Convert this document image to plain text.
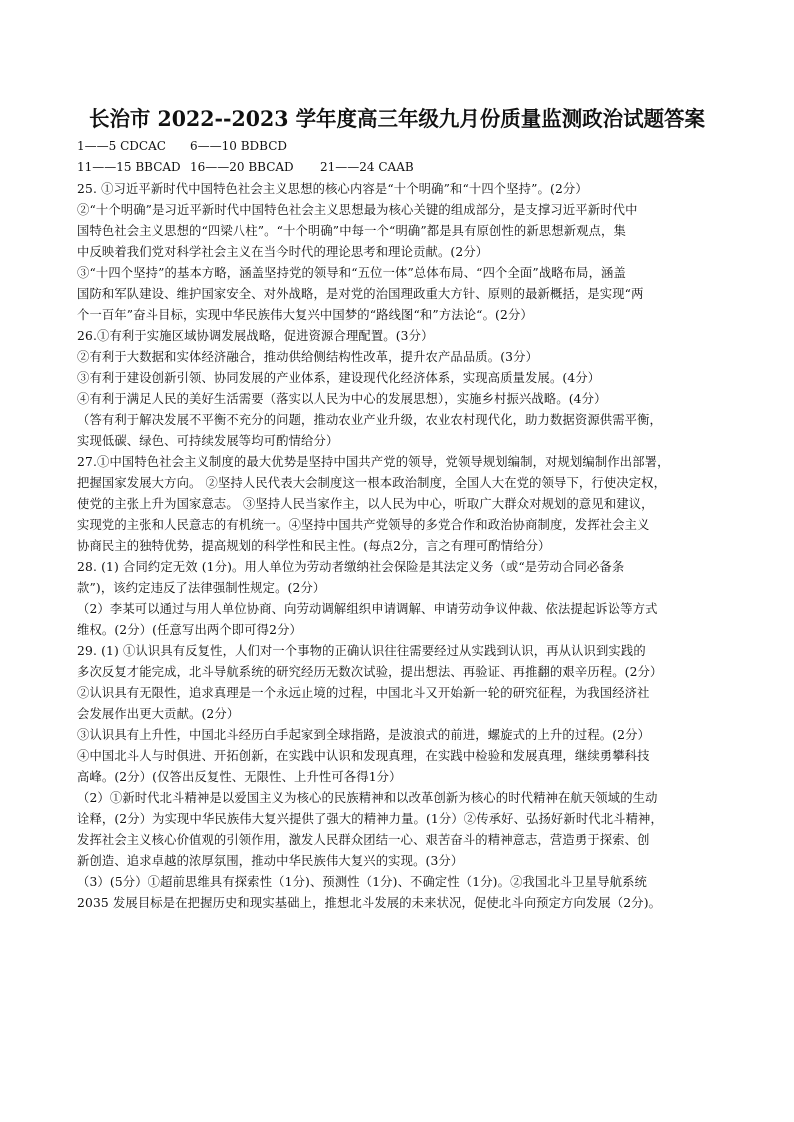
长治市 2022--2023 学年度高三年级九月份质量监测政治试题答案
1——5 CDCAC 6——10 BDBCD
11——15 BBCAD 16——20 BBCAD 21——24 CAAB
25. ①习近平新时代中国特色社会主义思想的核心内容是“十个明确”和“十四个坚持”。(2分）
②“十个明确”是习近平新时代中国特色社会主义思想最为核心关键的组成部分，是支撑习近平新时代中
国特色社会主义思想的“四梁八柱”。“十个明确”中每一个“明确”都是具有原创性的新思想新观点，集
中反映着我们党对科学社会主义在当今时代的理论思考和理论贡献。(2分）
③“十四个坚持”的基本方略，涵盖坚持党的领导和“五位一体”总体布局、“四个全面”战略布局，涵盖
国防和军队建设、维护国家安全、对外战略，是对党的治国理政重大方针、原则的最新概括，是实现“两
个一百年”奋斗目标，实现中华民族伟大复兴中国梦的“路线图“和”方法论“。(2分）
26.①有利于实施区域协调发展战略，促进资源合理配置。(3分）
②有利于大数据和实体经济融合，推动供给侧结构性改革，提升农产品品质。(3分）
③有利于建设创新引领、协同发展的产业体系，建设现代化经济体系，实现高质量发展。(4分）
④有利于满足人民的美好生活需要（落实以人民为中心的发展思想），实施乡村振兴战略。(4分）
（答有利于解决发展不平衡不充分的问题，推动农业产业升级，农业农村现代化，助力数据资源供需平衡，
实现低碳、绿色、可持续发展等均可酌情给分）
27.①中国特色社会主义制度的最大优势是坚持中国共产党的领导，党领导规划编制，对规划编制作出部署，
把握国家发展大方向。 ②坚持人民代表大会制度这一根本政治制度，全国人大在党的领导下，行使决定权，
使党的主张上升为国家意志。 ③坚持人民当家作主，以人民为中心，听取广大群众对规划的意见和建议，
实现党的主张和人民意志的有机统一。④坚持中国共产党领导的多党合作和政治协商制度，发挥社会主义
协商民主的独特优势，提高规划的科学性和民主性。(每点2分，言之有理可酌情给分）
28. (1) 合同约定无效 (1分)。用人单位为劳动者缴纳社会保险是其法定义务（或“是劳动合同必备条
款”)，该约定违反了法律强制性规定。(2分）
（2）李某可以通过与用人单位协商、向劳动调解组织申请调解、申请劳动争议仲裁、依法提起诉讼等方式
维权。(2分）(任意写出两个即可得2分）
29. (1) ①认识具有反复性，人们对一个事物的正确认识往往需要经过从实践到认识，再从认识到实践的
多次反复才能完成，北斗导航系统的研究经历无数次试验，提出想法、再验证、再推翻的艰辛历程。(2分）
②认识具有无限性，追求真理是一个永远止境的过程，中国北斗又开始新一轮的研究征程，为我国经济社
会发展作出更大贡献。(2分）
③认识具有上升性，中国北斗经历白手起家到全球指路，是波浪式的前进，螺旋式的上升的过程。(2分）
④中国北斗人与时俱进、开拓创新，在实践中认识和发现真理，在实践中检验和发展真理，继续勇攀科技
高峰。(2分）(仅答出反复性、无限性、上升性可各得1分）
（2）①新时代北斗精神是以爱国主义为核心的民族精神和以改革创新为核心的时代精神在航天领域的生动
诠释，(2分）为实现中华民族伟大复兴提供了强大的精神力量。(1分）②传承好、弘扬好新时代北斗精神，
发挥社会主义核心价值观的引领作用，激发人民群众团结一心、艰苦奋斗的精神意志，营造勇于探索、创
新创造、追求卓越的浓厚氛围，推动中华民族伟大复兴的实现。(3分）
（3）(5分）①超前思维具有探索性（1分)、预测性（1分)、不确定性（1分)。②我国北斗卫星导航系统
2035 发展目标是在把握历史和现实基础上，推想北斗发展的未来状况，促使北斗向预定方向发展（2分)。
